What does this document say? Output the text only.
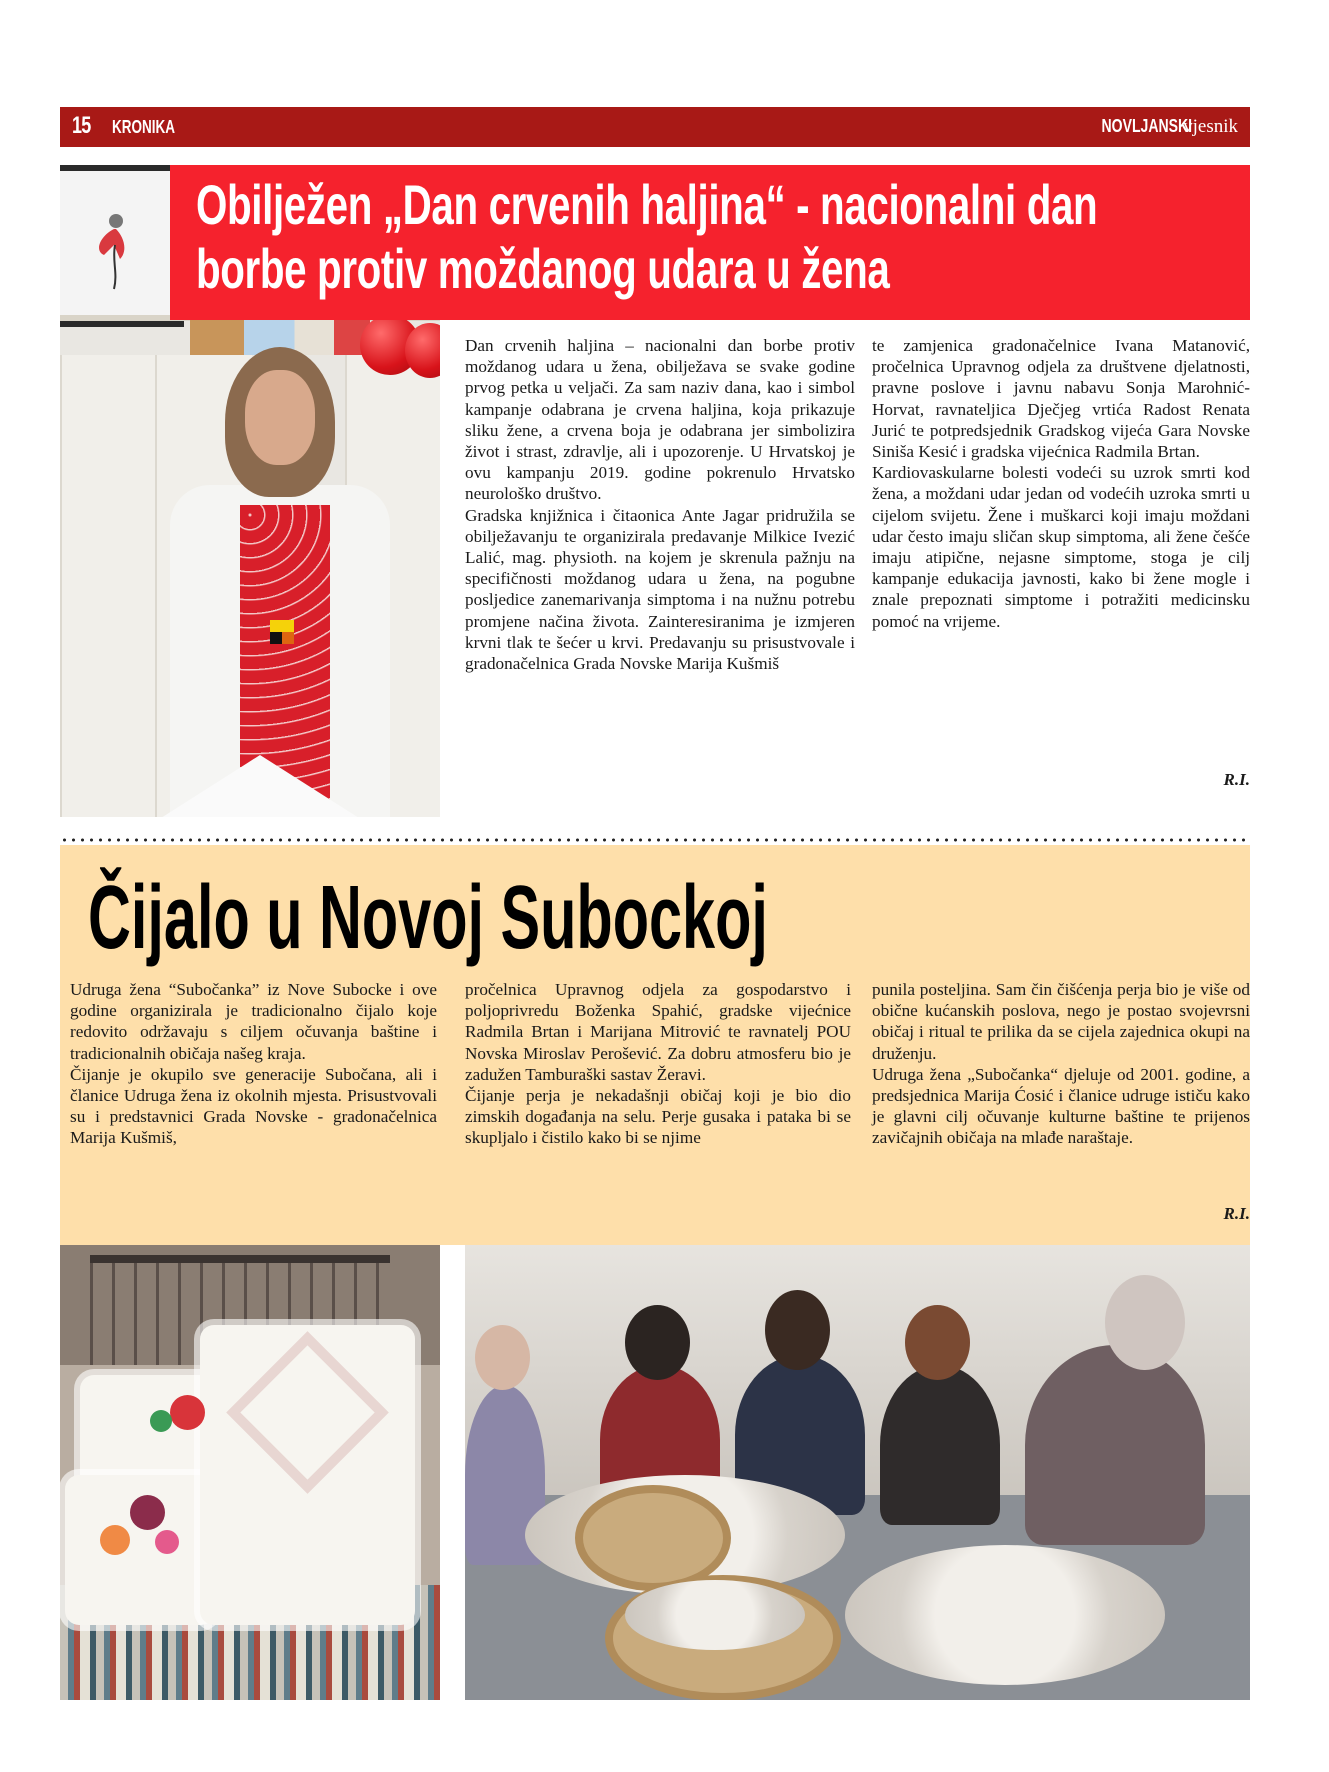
15 KRONIKA	NOVLJANSKI vjesnik
Obilježen „Dan crvenih haljina“ - nacionalni dan borbe protiv moždanog udara u žena

Dan crvenih haljina – nacionalni dan borbe protiv moždanog udara u žena, obilježava se svake godine prvog petka u veljači. Za sam naziv dana, kao i simbol kampanje odabrana je crvena haljina, koja prikazuje sliku žene, a crvena boja je odabrana jer simbolizira život i strast, zdravlje, ali i upozorenje. U Hrvatskoj je ovu kampanju 2019. godine pokrenulo Hrvatsko neurološko društvo.

Gradska knjižnica i čitaonica Ante Jagar pridružila se obilježavanju te organizirala predavanje Milkice Ivezić Lalić, mag. physioth. na kojem je skrenula pažnju na specifičnosti moždanog udara u žena, na pogubne posljedice zanemarivanja simptoma i na nužnu potrebu promjene načina života. Zainteresiranima je izmjeren krvni tlak te šećer u krvi. Predavanju su prisustvovale i gradonačelnica Grada Novske Marija Kušmiš

te zamjenica gradonačelnice Ivana Matanović, pročelnica Upravnog odjela za društvene djelatnosti, pravne poslove i javnu nabavu Sonja Marohnić-Horvat, ravnateljica Dječjeg vrtića Radost Renata Jurić te potpredsjednik Gradskog vijeća Gara Novske Siniša Kesić i gradska vijećnica Radmila Brtan.

Kardiovaskularne bolesti vodeći su uzrok smrti kod žena, a moždani udar jedan od vodećih uzroka smrti u cijelom svijetu. Žene i muškarci koji imaju moždani udar često imaju sličan skup simptoma, ali žene češće imaju atipične, nejasne simptome, stoga je cilj kampanje edukacija javnosti, kako bi žene mogle i znale prepoznati simptome i potražiti medicinsku pomoć na vrijeme.

R.I.
Čijalo u Novoj Subockoj

Udruga žena “Subočanka” iz Nove Subocke i ove godine organizirala je tradicionalno čijalo koje redovito održavaju s ciljem očuvanja baštine i tradicionalnih običaja našeg kraja.

Čijanje je okupilo sve generacije Subočana, ali i članice Udruga žena iz okolnih mjesta. Prisustvovali su i predstavnici Grada Novske - gradonačelnica Marija Kušmiš,

pročelnica Upravnog odjela za gospodarstvo i poljoprivredu Boženka Spahić, gradske vijećnice Radmila Brtan i Marijana Mitrović te ravnatelj POU Novska Miroslav Perošević. Za dobru atmosferu bio je zadužen Tamburaški sastav Žeravi.

Čijanje perja je nekadašnji običaj koji je bio dio zimskih događanja na selu. Perje gusaka i pataka bi se skupljalo i čistilo kako bi se njime

punila posteljina. Sam čin čišćenja perja bio je više od obične kućanskih poslova, nego je postao svojevrsni običaj i ritual te prilika da se cijela zajednica okupi na druženju.

Udruga žena „Subočanka“ djeluje od 2001. godine, a predsjednica Marija Ćosić i članice udruge ističu kako je glavni cilj očuvanje kulturne baštine te prijenos zavičajnih običaja na mlađe naraštaje.

R.I.
